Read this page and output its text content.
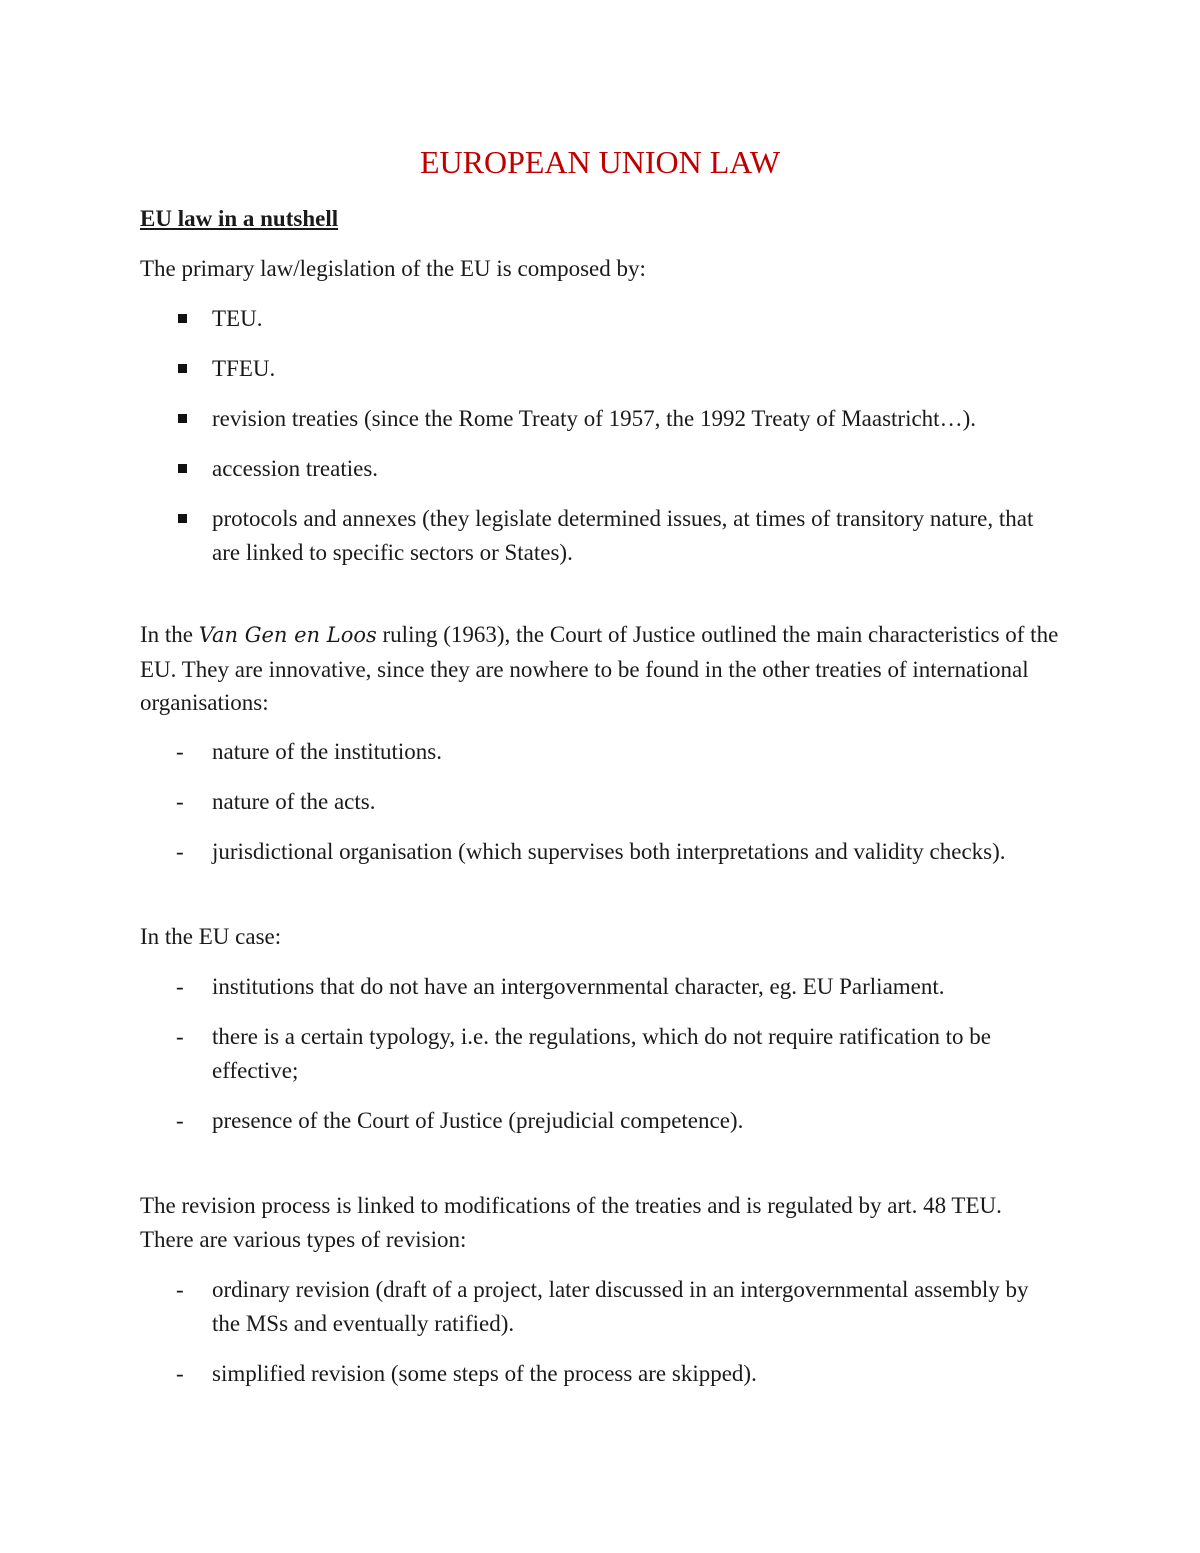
EUROPEAN UNION LAW
EU law in a nutshell

The primary law/legislation of the EU is composed by:

TEU.
TFEU.
revision treaties (since the Rome Treaty of 1957, the 1992 Treaty of Maastricht…).
accession treaties.
protocols and annexes (they legislate determined issues, at times of transitory nature, that are linked to specific sectors or States).

In the Van Gen en Loos ruling (1963), the Court of Justice outlined the main characteristics of the EU. They are innovative, since they are nowhere to be found in the other treaties of international organisations:

- nature of the institutions.
- nature of the acts.
- jurisdictional organisation (which supervises both interpretations and validity checks).

In the EU case:

- institutions that do not have an intergovernmental character, eg. EU Parliament.
- there is a certain typology, i.e. the regulations, which do not require ratification to be effective;
- presence of the Court of Justice (prejudicial competence).

The revision process is linked to modifications of the treaties and is regulated by art. 48 TEU. There are various types of revision:

- ordinary revision (draft of a project, later discussed in an intergovernmental assembly by the MSs and eventually ratified).
- simplified revision (some steps of the process are skipped).
